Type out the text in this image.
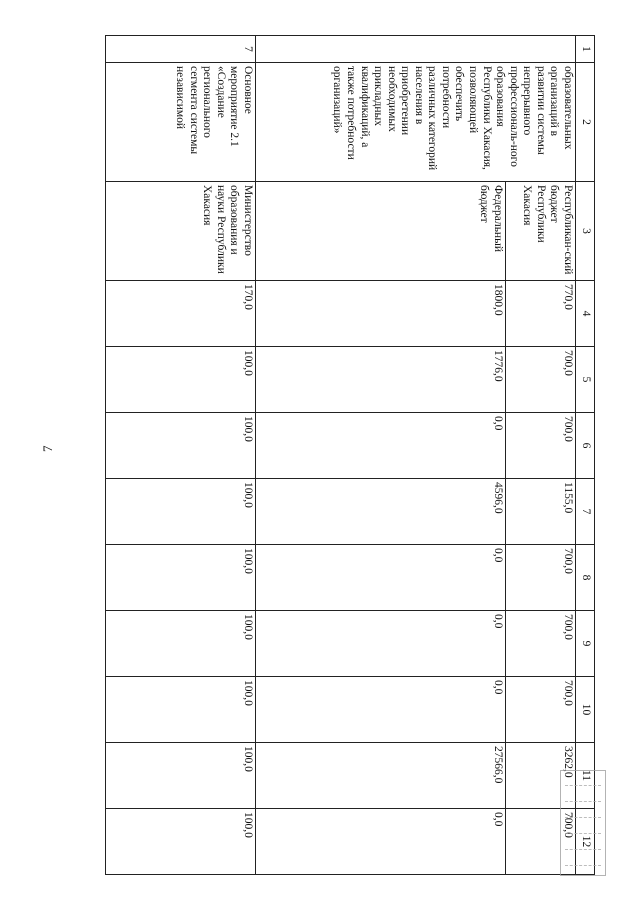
7
1	2	3	4	5	6	7	8	9	10	11	12
	образовательных организаций в развитии системы непрерывного профессиональ-ного образования Республики Хакасия, позволяющей обеспечить потребности различных категорий населения в приобретении необходимых прикладных квалификаций, а также потребности организаций»	Республикан-ский бюджет Республики Хакасия	770,0	700,0	700,0	1155,0	700,0	700,0	700,0	3262,0	700,0
		Федеральный бюджет	1800,0	1776,0	0,0	4596,0	0,0	0,0	0,0	27566,0	0,0
7	Основное мероприятие 2.1 «Создание регионального сегмента системы независимой	Министерство образования и науки Республики Хакасия	170,0	100,0	100,0	100,0	100,0	100,0	100,0	100,0	100,0
